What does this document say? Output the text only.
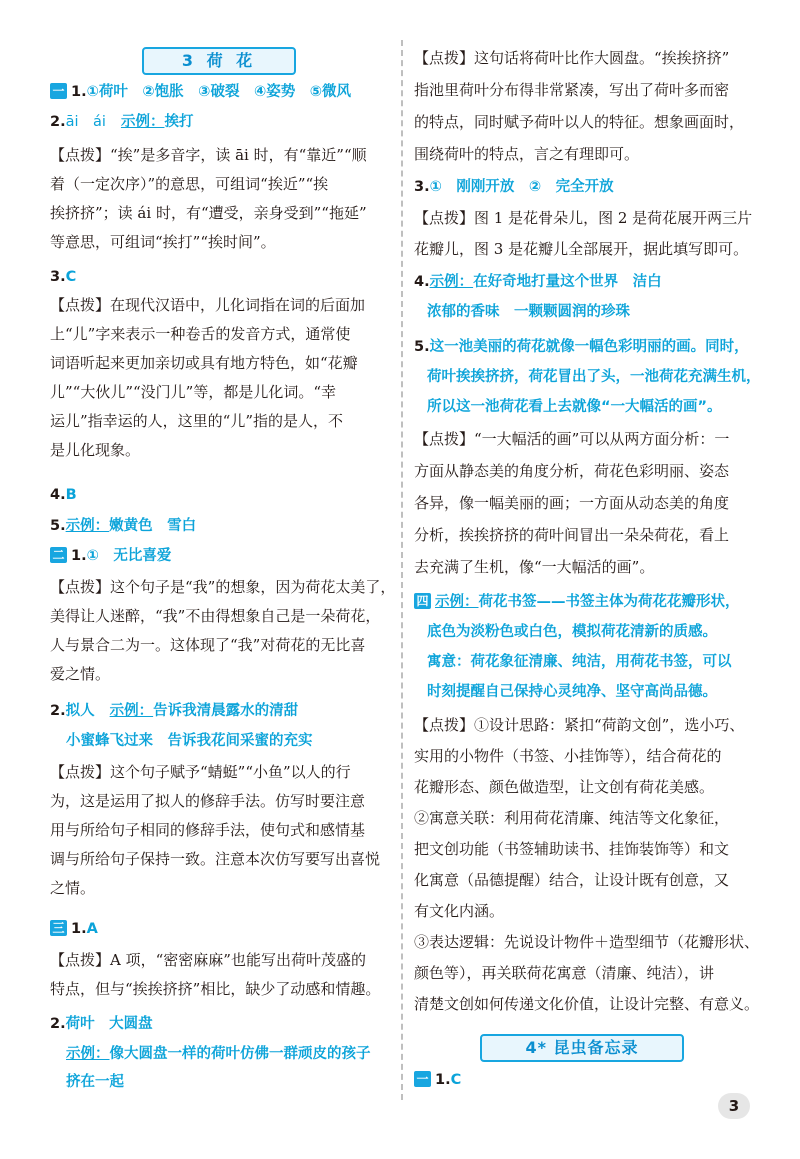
3 荷 花
一 1.①荷叶　②饱胀　③破裂　④姿势　⑤微风
2.āi　ái　 示例：挨打
【点拨】“挨”是多音字，读 āi 时，有“靠近”“顺
着（一定次序）”的意思，可组词“挨近”“挨
挨挤挤”；读 ái 时，有“遭受，亲身受到”“拖延”
等意思，可组词“挨打”“挨时间”。
3.C
【点拨】在现代汉语中，儿化词指在词的后面加
上“儿”字来表示一种卷舌的发音方式，通常使
词语听起来更加亲切或具有地方特色，如“花瓣
儿”“大伙儿”“没门儿”等，都是儿化词。“幸
运儿”指幸运的人，这里的“儿”指的是人，不
是儿化现象。
4.B
5.示例：嫩黄色　雪白
二 1.①　无比喜爱
【点拨】这个句子是“我”的想象，因为荷花太美了，
美得让人迷醉，“我”不由得想象自己是一朵荷花，
人与景合二为一。这体现了“我”对荷花的无比喜
爱之情。
2.拟人　 示例：告诉我清晨露水的清甜
小蜜蜂飞过来　告诉我花间采蜜的充实
【点拨】这个句子赋予“蜻蜓”“小鱼”以人的行
为，这是运用了拟人的修辞手法。仿写时要注意
用与所给句子相同的修辞手法，使句式和感情基
调与所给句子保持一致。注意本次仿写要写出喜悦
之情。
三 1.A
【点拨】A 项，“密密麻麻”也能写出荷叶茂盛的
特点，但与“挨挨挤挤”相比，缺少了动感和情趣。
2.荷叶　大圆盘
示例：像大圆盘一样的荷叶仿佛一群顽皮的孩子
挤在一起
【点拨】这句话将荷叶比作大圆盘。“挨挨挤挤”
指池里荷叶分布得非常紧凑，写出了荷叶多而密
的特点，同时赋予荷叶以人的特征。想象画面时，
围绕荷叶的特点，言之有理即可。
3.①　刚刚开放　②　完全开放
【点拨】图 1 是花骨朵儿，图 2 是荷花展开两三片
花瓣儿，图 3 是花瓣儿全部展开，据此填写即可。
4.示例：在好奇地打量这个世界　洁白
浓郁的香味　一颗颗圆润的珍珠
5.这一池美丽的荷花就像一幅色彩明丽的画。同时，
荷叶挨挨挤挤，荷花冒出了头，一池荷花充满生机，
所以这一池荷花看上去就像“一大幅活的画”。
【点拨】“一大幅活的画”可以从两方面分析：一
方面从静态美的角度分析，荷花色彩明丽、姿态
各异，像一幅美丽的画；一方面从动态美的角度
分析，挨挨挤挤的荷叶间冒出一朵朵荷花，看上
去充满了生机，像“一大幅活的画”。
四 示例：荷花书签——书签主体为荷花花瓣形状，
底色为淡粉色或白色，模拟荷花清新的质感。
寓意：荷花象征清廉、纯洁，用荷花书签，可以
时刻提醒自己保持心灵纯净、坚守高尚品德。
【点拨】①设计思路：紧扣“荷韵文创”，选小巧、
实用的小物件（书签、小挂饰等），结合荷花的
花瓣形态、颜色做造型，让文创有荷花美感。
②寓意关联：利用荷花清廉、纯洁等文化象征，
把文创功能（书签辅助读书、挂饰装饰等）和文
化寓意（品德提醒）结合，让设计既有创意，又
有文化内涵。
③表达逻辑：先说设计物件＋造型细节（花瓣形状、
颜色等），再关联荷花寓意（清廉、纯洁），讲
清楚文创如何传递文化价值，让设计完整、有意义。
4* 昆虫备忘录
一 1.C
3
